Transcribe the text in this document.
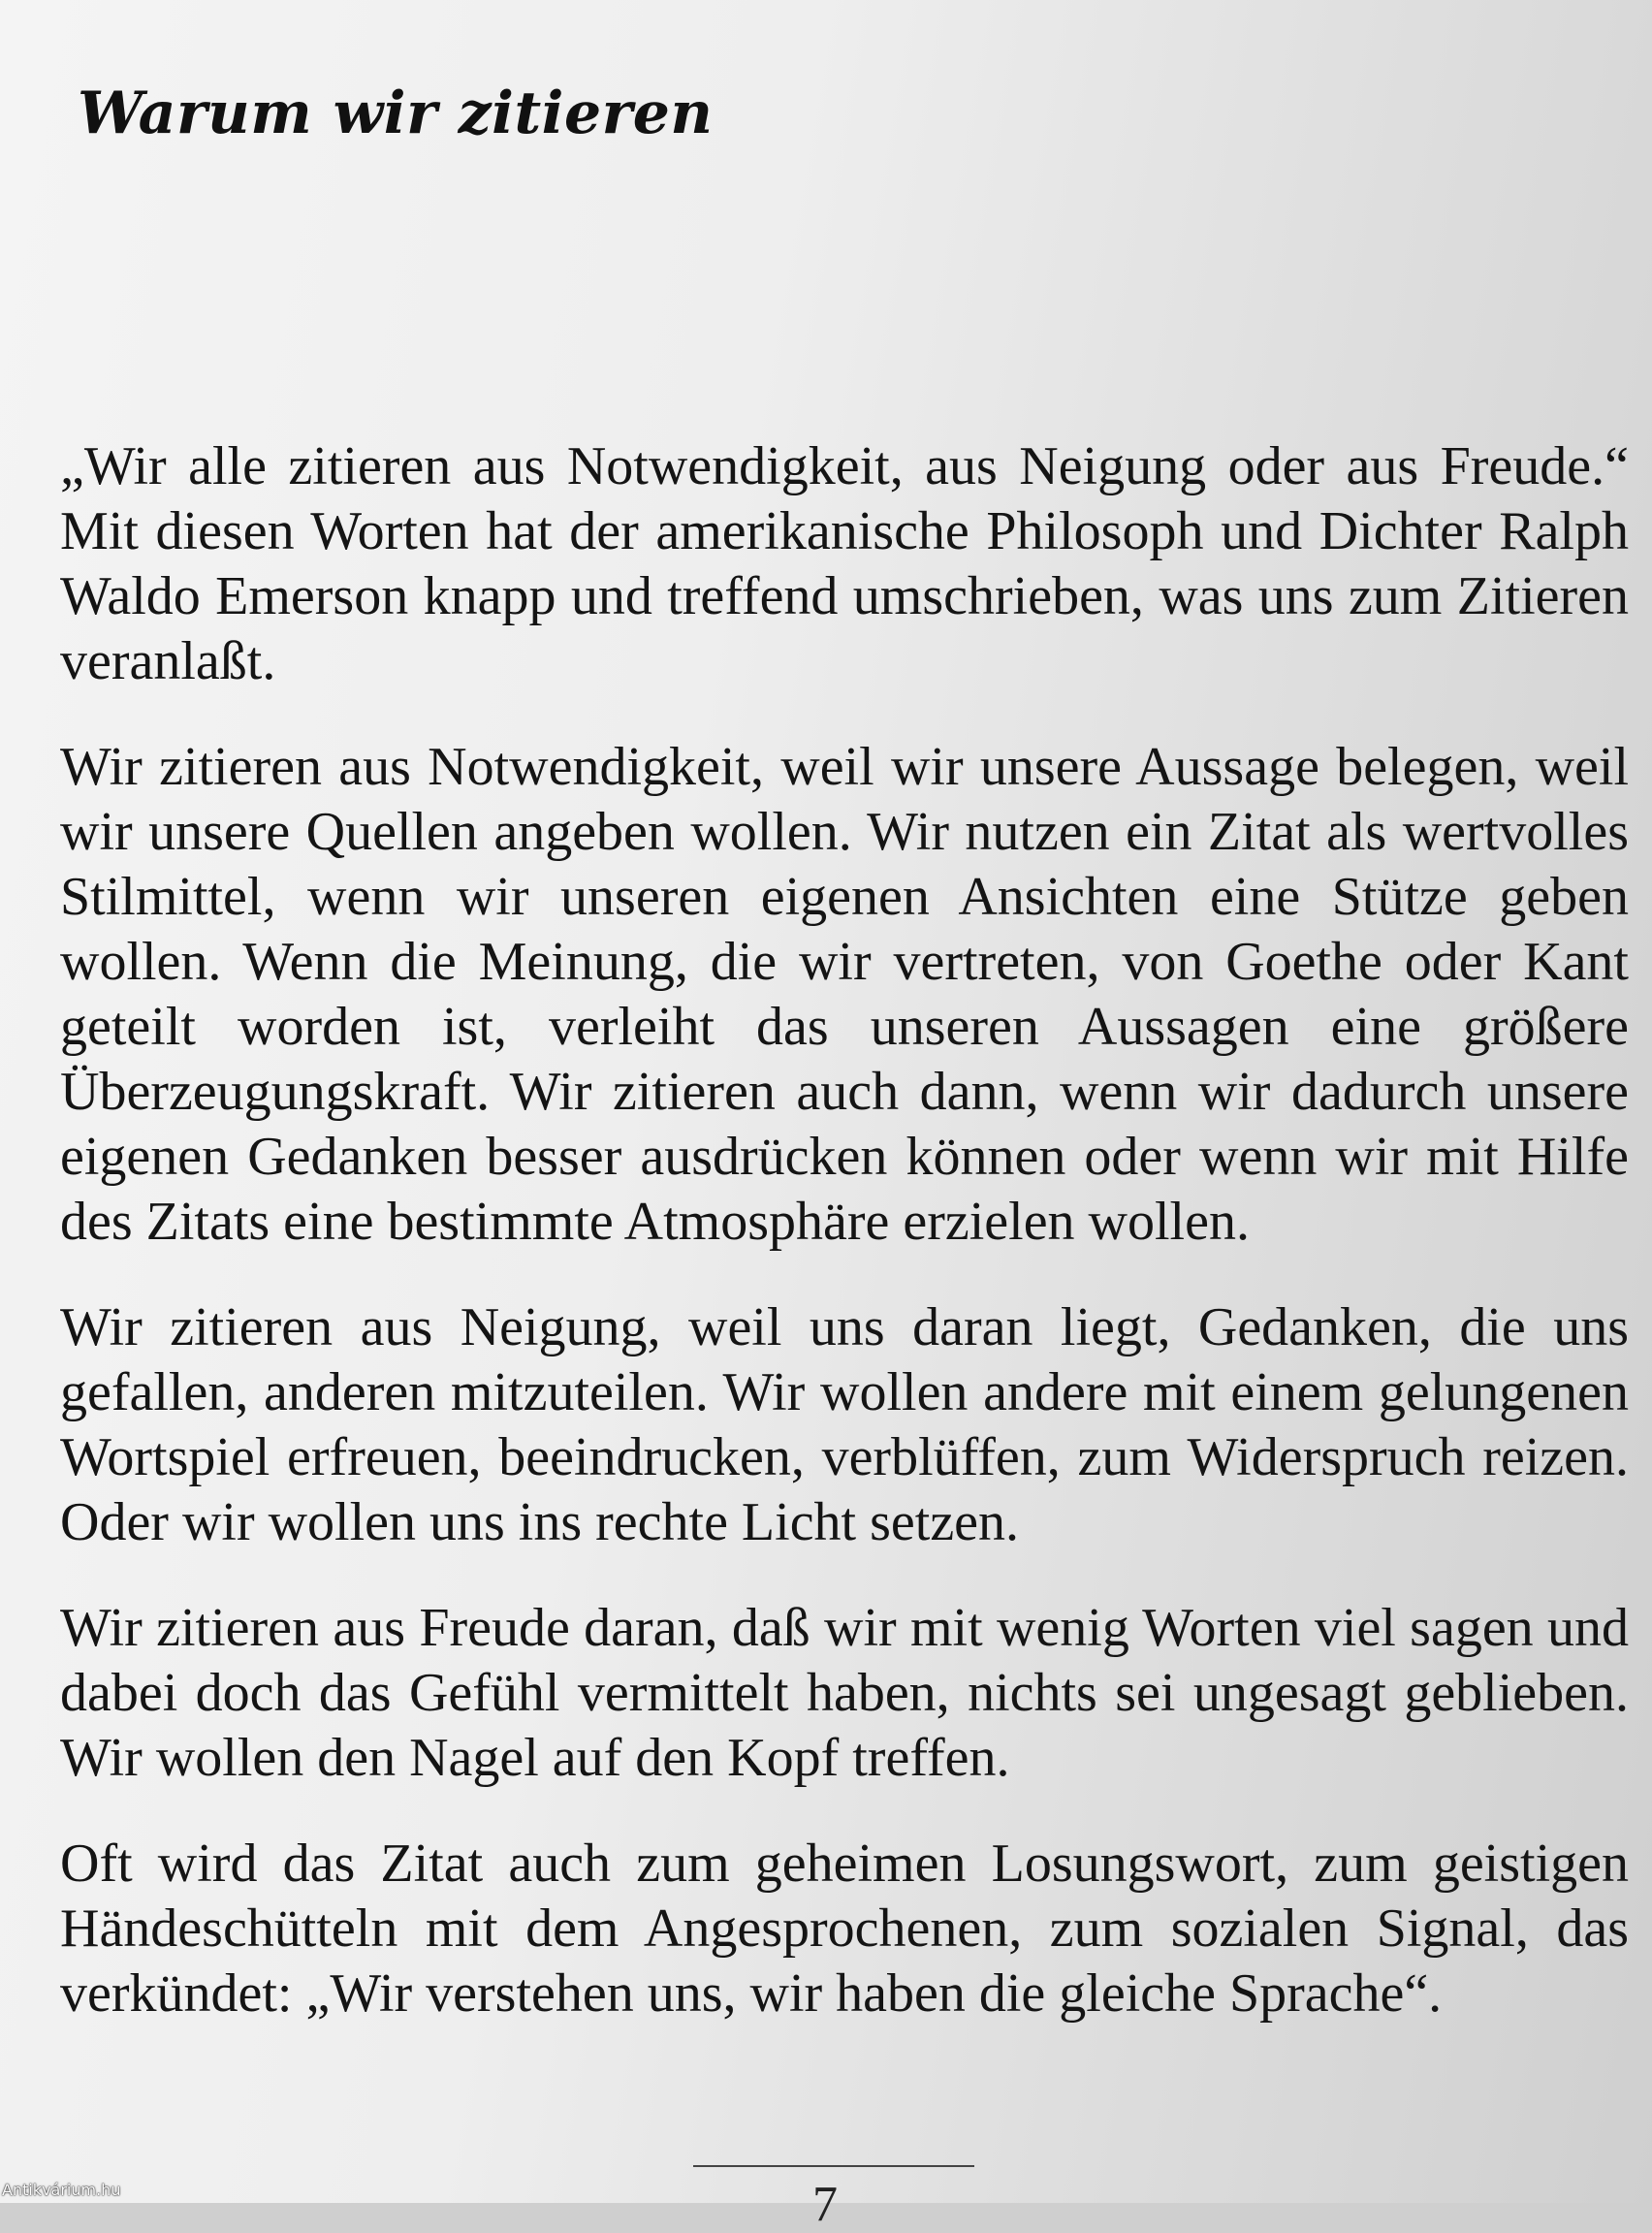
Warum wir zitieren

„Wir alle zitieren aus Notwendigkeit, aus Neigung oder aus Freude.“ Mit diesen Worten hat der amerikanische Philosoph und Dichter Ralph Waldo Emerson knapp und treffend umschrieben, was uns zum Zitieren veranlaßt.

Wir zitieren aus Notwendigkeit, weil wir unsere Aussage belegen, weil wir unsere Quellen angeben wollen. Wir nutzen ein Zitat als wertvolles Stilmittel, wenn wir unseren eigenen Ansichten eine Stütze geben wollen. Wenn die Meinung, die wir vertreten, von Goethe oder Kant geteilt worden ist, verleiht das unseren Aussagen eine größere Überzeugungskraft. Wir zitieren auch dann, wenn wir dadurch unsere eigenen Gedanken besser ausdrücken können oder wenn wir mit Hilfe des Zitats eine bestimmte Atmosphäre erzielen wollen.

Wir zitieren aus Neigung, weil uns daran liegt, Gedanken, die uns gefallen, anderen mitzuteilen. Wir wollen andere mit einem gelungenen Wortspiel erfreuen, beeindrucken, verblüffen, zum Widerspruch reizen. Oder wir wollen uns ins rechte Licht setzen.

Wir zitieren aus Freude daran, daß wir mit wenig Worten viel sagen und dabei doch das Gefühl vermittelt haben, nichts sei ungesagt geblieben. Wir wollen den Nagel auf den Kopf treffen.

Oft wird das Zitat auch zum geheimen Losungswort, zum geistigen Händeschütteln mit dem Angesprochenen, zum sozialen Signal, das verkündet: „Wir verstehen uns, wir haben die gleiche Sprache“.

7
Antikvárium.hu
